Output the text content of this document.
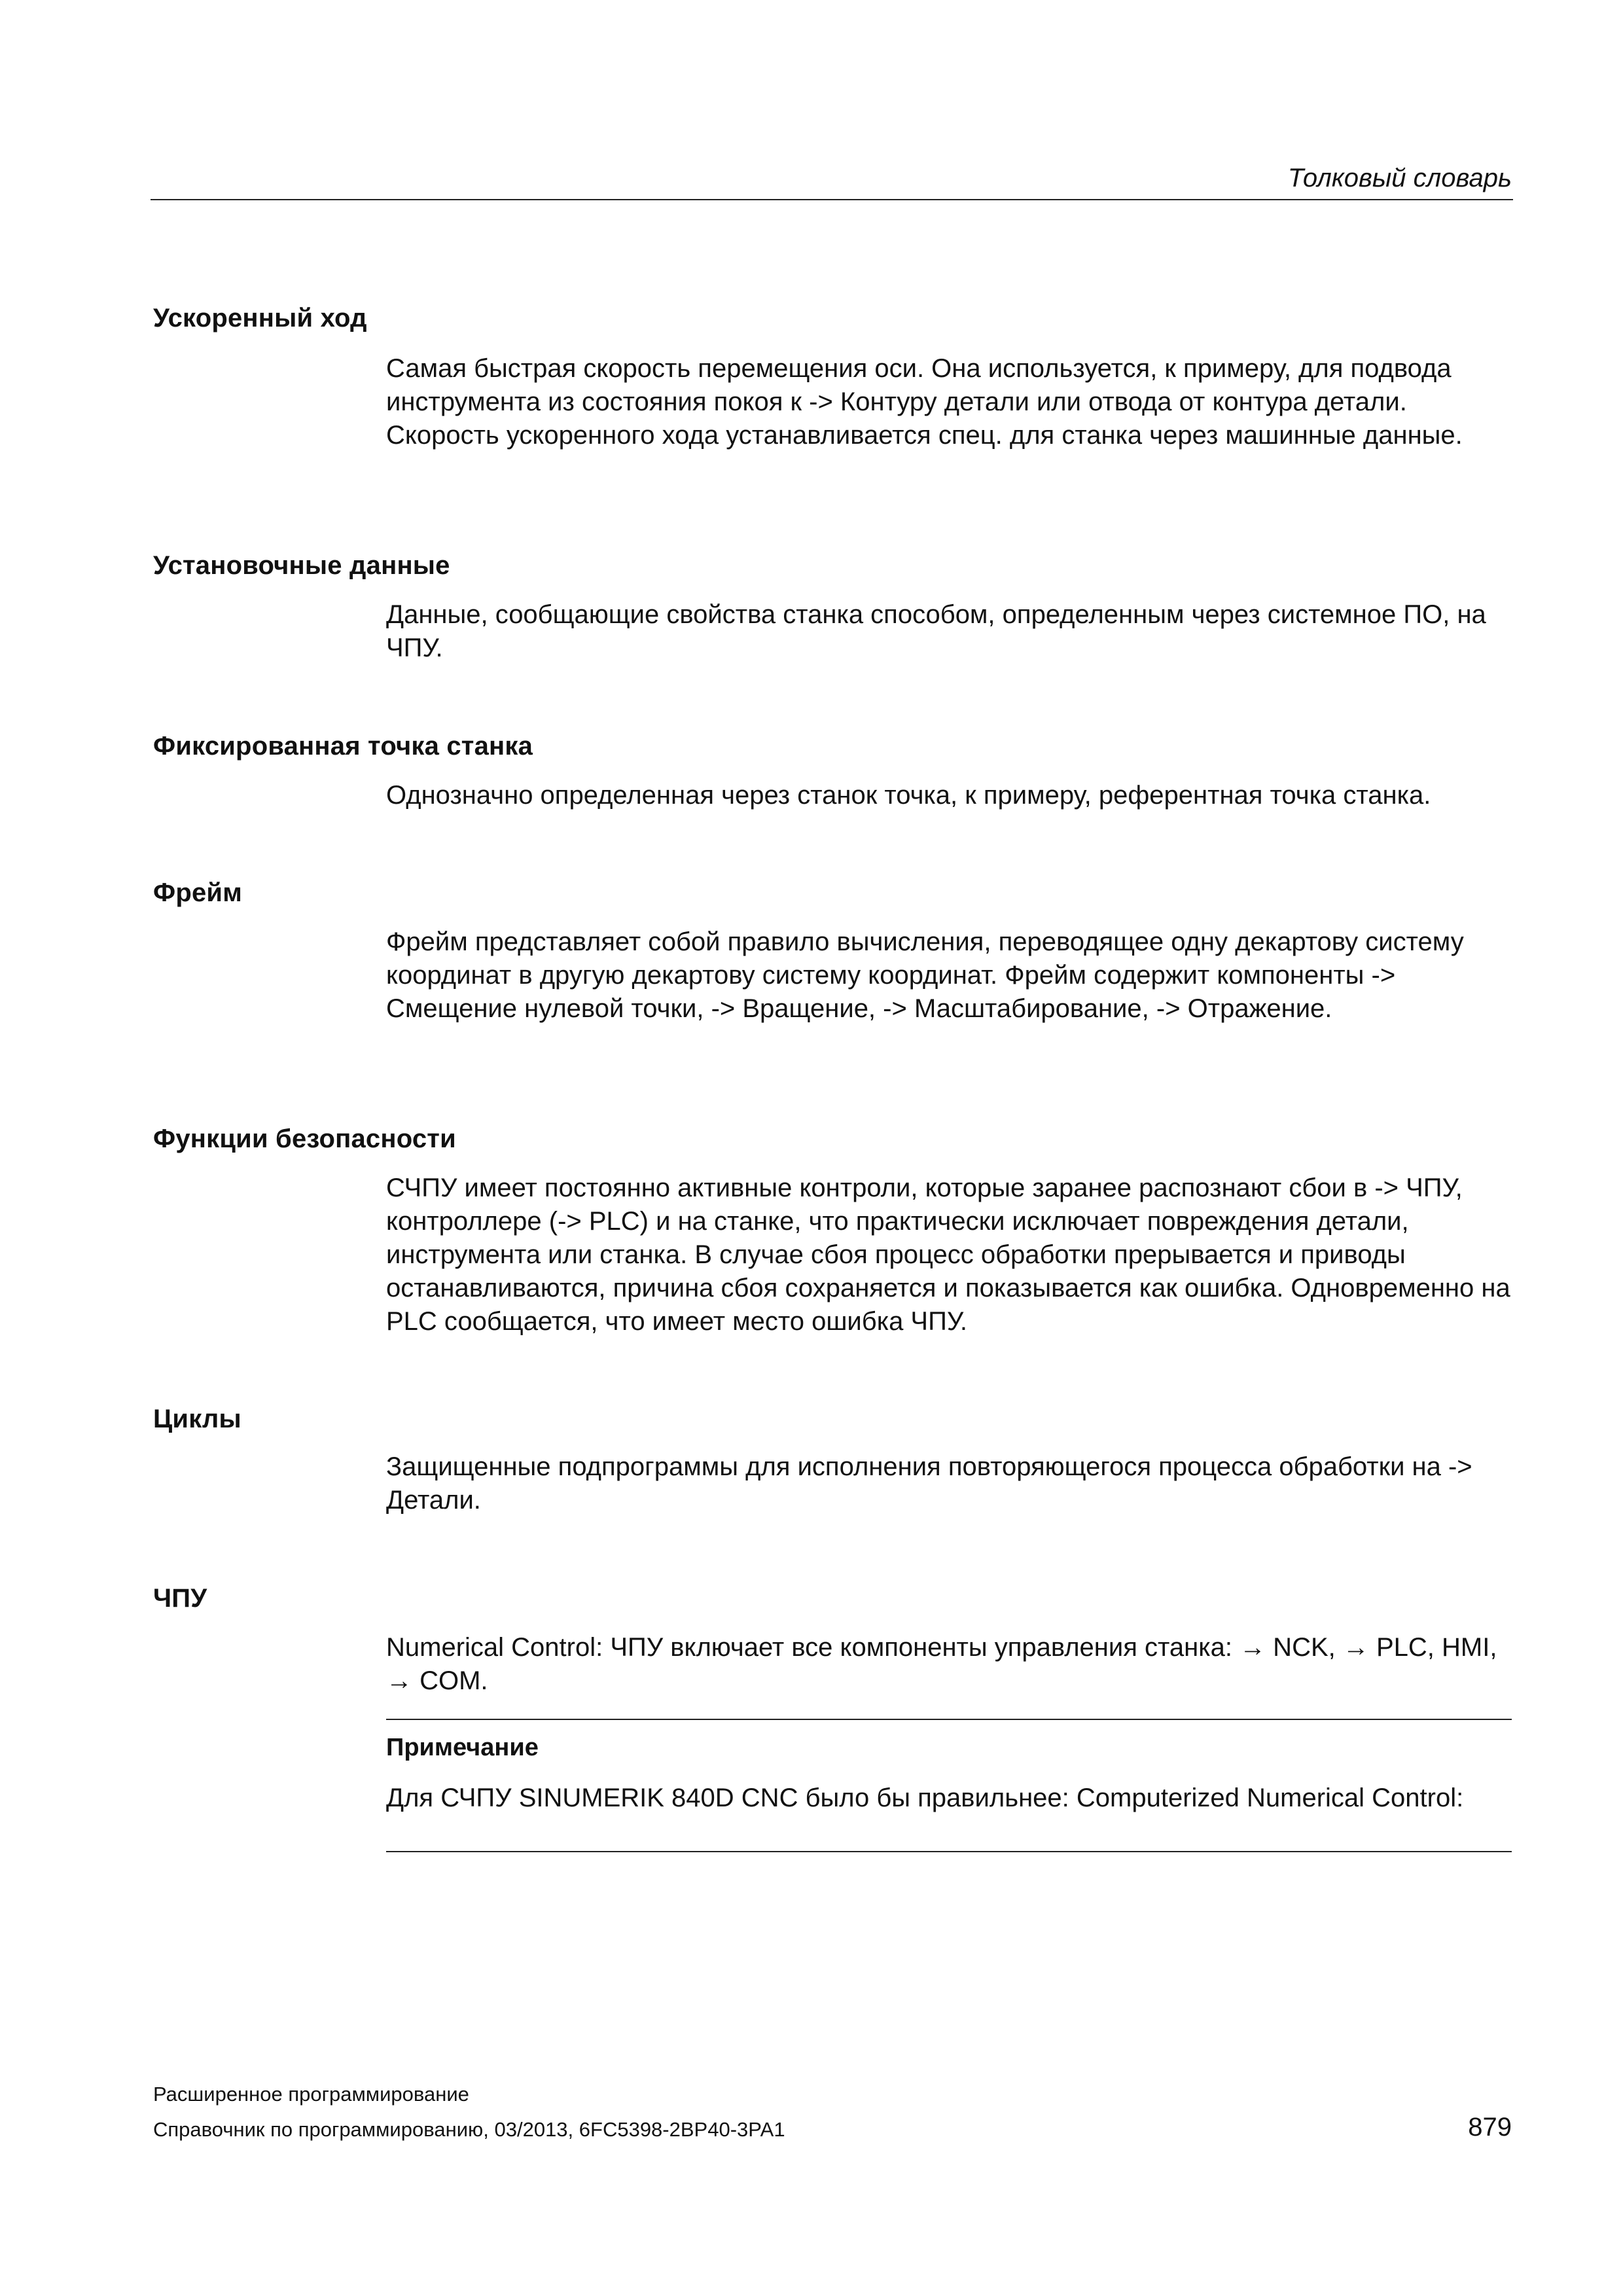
Толковый словарь
Ускоренный ход
Самая быстрая скорость перемещения оси. Она используется, к примеру, для подвода инструмента из состояния покоя к -> Контуру детали или отвода от контура детали. Скорость ускоренного хода устанавливается спец. для станка через машинные данные.
Установочные данные
Данные, сообщающие свойства станка способом, определенным через системное ПО, на ЧПУ.
Фиксированная точка станка
Однозначно определенная через станок точка, к примеру, референтная точка станка.
Фрейм
Фрейм представляет собой правило вычисления, переводящее одну декартову систему координат в другую декартову систему координат. Фрейм содержит компоненты -> Смещение нулевой точки, -> Вращение, -> Масштабирование, -> Отражение.
Функции безопасности
СЧПУ имеет постоянно активные контроли, которые заранее распознают сбои в -> ЧПУ, контроллере (-> PLC) и на станке, что практически исключает повреждения детали, инструмента или станка. В случае сбоя процесс обработки прерывается и приводы останавливаются, причина сбоя сохраняется и показывается как ошибка. Одновременно на PLC сообщается, что имеет место ошибка ЧПУ.
Циклы
Защищенные подпрограммы для исполнения повторяющегося процесса обработки на -> Детали.
ЧПУ
Numerical Control: ЧПУ включает все компоненты управления станка: → NCK, → PLC, HMI, → COM.
Примечание
Для СЧПУ SINUMERIK 840D CNC было бы правильнее: Computerized Numerical Control:
Расширенное программирование
Справочник по программированию, 03/2013, 6FC5398-2BP40-3PA1	879
